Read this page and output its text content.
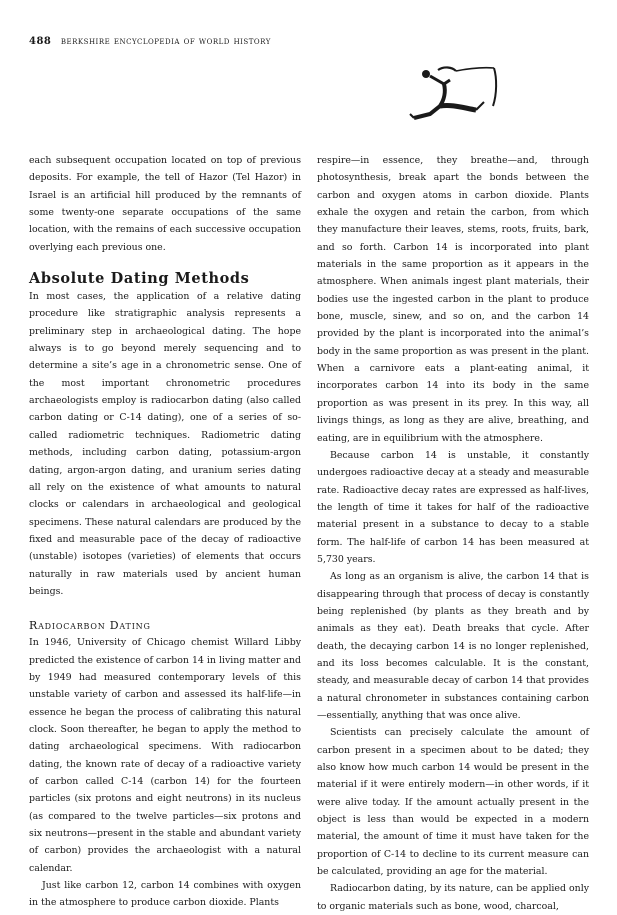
488 berkshire encyclopedia of world history

each subsequent occupation located on top of previous deposits. For example, the tell of Hazor (Tel Hazor) in Israel is an artificial hill produced by the remnants of some twenty-one separate occupations of the same location, with the remains of each successive occupation overlying each previous one.

Absolute Dating Methods

In most cases, the application of a relative dating procedure like stratigraphic analysis represents a preliminary step in archaeological dating. The hope always is to go beyond merely sequencing and to determine a site’s age in a chronometric sense. One of the most important chronometric procedures archaeologists employ is radiocarbon dating (also called carbon dating or C-14 dating), one of a series of so-called radiometric techniques. Radiometric dating methods, including carbon dating, potassium-argon dating, argon-argon dating, and uranium series dating all rely on the existence of what amounts to natural clocks or calendars in archaeological and geological specimens. These natural calendars are produced by the fixed and measurable pace of the decay of radioactive (unstable) isotopes (varieties) of elements that occurs naturally in raw materials used by ancient human beings.

Radiocarbon Dating

In 1946, University of Chicago chemist Willard Libby predicted the existence of carbon 14 in living matter and by 1949 had measured contemporary levels of this unstable variety of carbon and assessed its half-life—in essence he began the process of calibrating this natural clock. Soon thereafter, he began to apply the method to dating archaeological specimens. With radiocarbon dating, the known rate of decay of a radioactive variety of carbon called C-14 (carbon 14) for the fourteen particles (six protons and eight neutrons) in its nucleus (as compared to the twelve particles—six protons and six neutrons—present in the stable and abundant variety of carbon) provides the archaeologist with a natural calendar.

Just like carbon 12, carbon 14 combines with oxygen in the atmosphere to produce carbon dioxide. Plants

respire—in essence, they breathe—and, through photosynthesis, break apart the bonds between the carbon and oxygen atoms in carbon dioxide. Plants exhale the oxygen and retain the carbon, from which they manufacture their leaves, stems, roots, fruits, bark, and so forth. Carbon 14 is incorporated into plant materials in the same proportion as it appears in the atmosphere. When animals ingest plant materials, their bodies use the ingested carbon in the plant to produce bone, muscle, sinew, and so on, and the carbon 14 provided by the plant is incorporated into the animal’s body in the same proportion as was present in the plant. When a carnivore eats a plant-eating animal, it incorporates carbon 14 into its body in the same proportion as was present in its prey. In this way, all livings things, as long as they are alive, breathing, and eating, are in equilibrium with the atmosphere.

Because carbon 14 is unstable, it constantly undergoes radioactive decay at a steady and measurable rate. Radioactive decay rates are expressed as half-lives, the length of time it takes for half of the radioactive material present in a substance to decay to a stable form. The half-life of carbon 14 has been measured at 5,730 years.

As long as an organism is alive, the carbon 14 that is disappearing through that process of decay is constantly being replenished (by plants as they breath and by animals as they eat). Death breaks that cycle. After death, the decaying carbon 14 is no longer replenished, and its loss becomes calculable. It is the constant, steady, and measurable decay of carbon 14 that provides a natural chronometer in substances containing carbon—essentially, anything that was once alive.

Scientists can precisely calculate the amount of carbon present in a specimen about to be dated; they also know how much carbon 14 would be present in the material if it were entirely modern—in other words, if it were alive today. If the amount actually present in the object is less than would be expected in a modern material, the amount of time it must have taken for the proportion of C-14 to decline to its current measure can be calculated, providing an age for the material.

Radiocarbon dating, by its nature, can be applied only to organic materials such as bone, wood, charcoal,
